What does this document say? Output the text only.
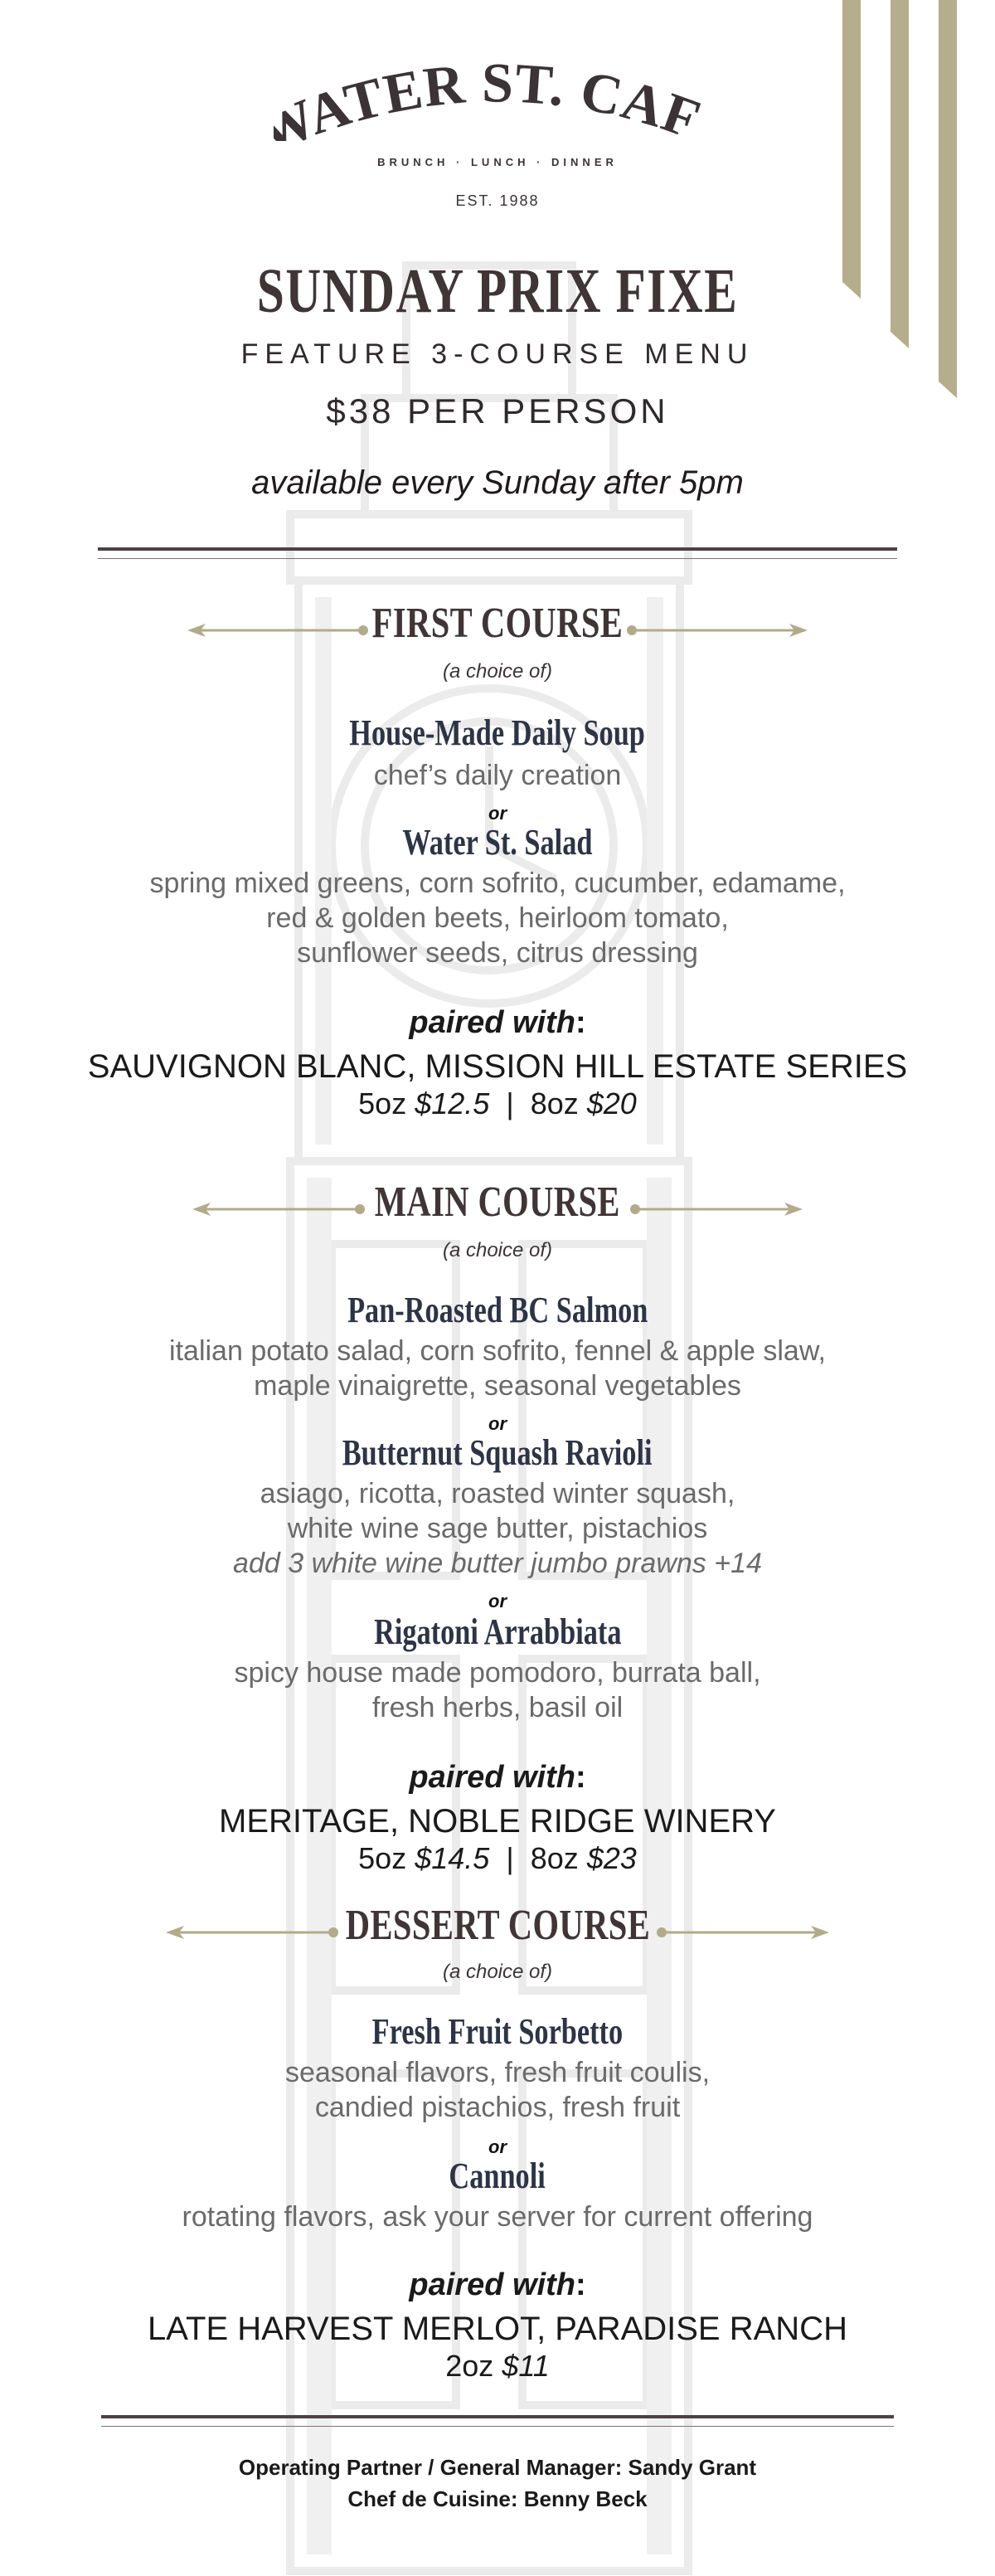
ATER ST. CAF
BRUNCH · LUNCH · DINNER

EST. 1988

SUNDAY PRIX FIXE

FEATURE 3-COURSE MENU

$38 PER PERSON

available every Sunday after 5pm

FIRST COURSE

(a choice of)

House-Made Daily Soup

chef’s daily creation

or

Water St. Salad

spring mixed greens, corn sofrito, cucumber, edamame,

red & golden beets, heirloom tomato,

sunflower seeds, citrus dressing

paired with:

SAUVIGNON BLANC, MISSION HILL ESTATE SERIES

5oz $12.5 | 8oz $20

MAIN COURSE

(a choice of)

Pan-Roasted BC Salmon

italian potato salad, corn sofrito, fennel & apple slaw,

maple vinaigrette, seasonal vegetables

or

Butternut Squash Ravioli

asiago, ricotta, roasted winter squash,

white wine sage butter, pistachios

add 3 white wine butter jumbo prawns +14

or

Rigatoni Arrabbiata

spicy house made pomodoro, burrata ball,

fresh herbs, basil oil

paired with:

MERITAGE, NOBLE RIDGE WINERY

5oz $14.5 | 8oz $23

DESSERT COURSE

(a choice of)

Fresh Fruit Sorbetto

seasonal flavors, fresh fruit coulis,

candied pistachios, fresh fruit

or

Cannoli

rotating flavors, ask your server for current offering

paired with:

LATE HARVEST MERLOT, PARADISE RANCH

2oz $11

Operating Partner / General Manager: Sandy Grant

Chef de Cuisine: Benny Beck
